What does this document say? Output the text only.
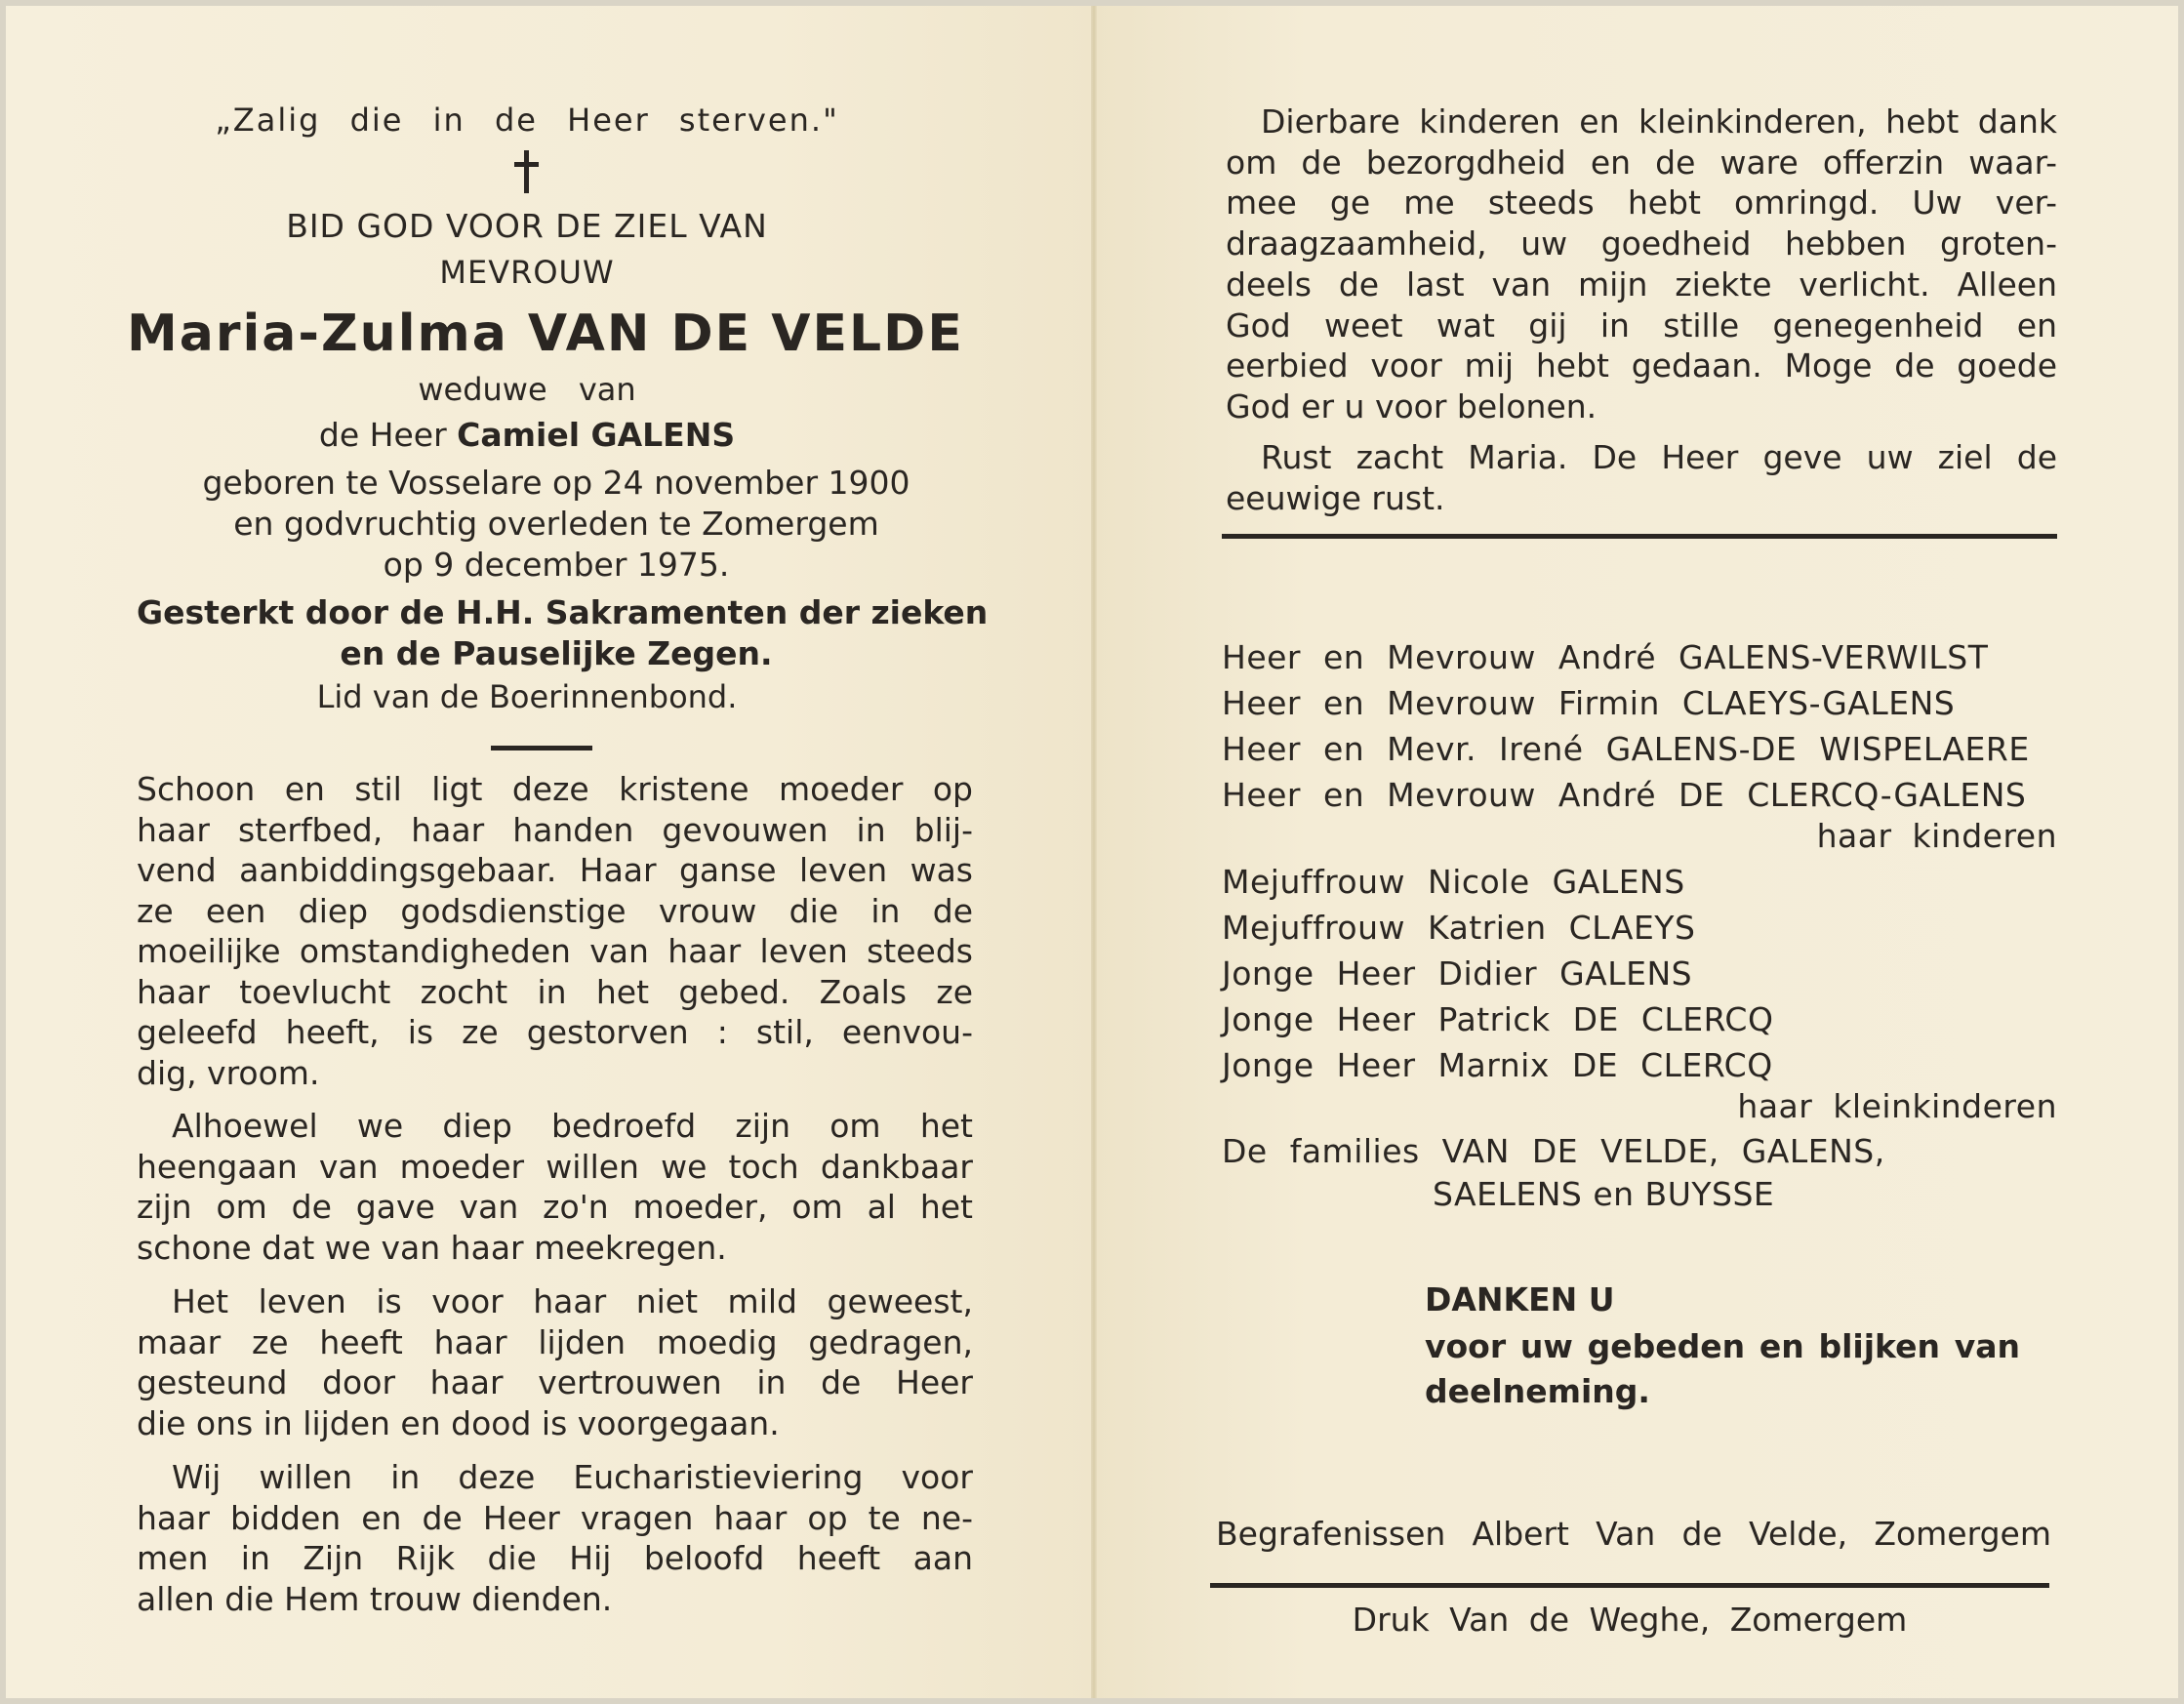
„Zalig die in de Heer sterven."
BID GOD VOOR DE ZIEL VAN
MEVROUW
Maria-Zulma VAN DE VELDE
weduwe van
de Heer Camiel GALENS
geboren te Vosselare op 24 november 1900
en godvruchtig overleden te Zomergem
op 9 december 1975.
Gesterkt door de H.H. Sakramenten der zieken
en de Pauselijke Zegen.
Lid van de Boerinnenbond.
Schoon en stil ligt deze kristene moeder op
haar sterfbed, haar handen gevouwen in blij-
vend aanbiddingsgebaar. Haar ganse leven was
ze een diep godsdienstige vrouw die in de
moeilijke omstandigheden van haar leven steeds
haar toevlucht zocht in het gebed. Zoals ze
geleefd heeft, is ze gestorven : stil, eenvou-
dig, vroom.
Alhoewel we diep bedroefd zijn om het
heengaan van moeder willen we toch dankbaar
zijn om de gave van zo'n moeder, om al het
schone dat we van haar meekregen.
Het leven is voor haar niet mild geweest,
maar ze heeft haar lijden moedig gedragen,
gesteund door haar vertrouwen in de Heer
die ons in lijden en dood is voorgegaan.
Wij willen in deze Eucharistieviering voor
haar bidden en de Heer vragen haar op te ne-
men in Zijn Rijk die Hij beloofd heeft aan
allen die Hem trouw dienden.
Dierbare kinderen en kleinkinderen, hebt dank
om de bezorgdheid en de ware offerzin waar-
mee ge me steeds hebt omringd. Uw ver-
draagzaamheid, uw goedheid hebben groten-
deels de last van mijn ziekte verlicht. Alleen
God weet wat gij in stille genegenheid en
eerbied voor mij hebt gedaan. Moge de goede
God er u voor belonen.
Rust zacht Maria. De Heer geve uw ziel de
eeuwige rust.
Heer en Mevrouw André GALENS-VERWILST
Heer en Mevrouw Firmin CLAEYS-GALENS
Heer en Mevr. Irené GALENS-DE WISPELAERE
Heer en Mevrouw André DE CLERCQ-GALENS
haar kinderen
Mejuffrouw Nicole GALENS
Mejuffrouw Katrien CLAEYS
Jonge Heer Didier GALENS
Jonge Heer Patrick DE CLERCQ
Jonge Heer Marnix DE CLERCQ
haar kleinkinderen
De families VAN DE VELDE, GALENS,
SAELENS en BUYSSE
DANKEN U
voor uw gebeden en blijken van
deelneming.
Begrafenissen Albert Van de Velde, Zomergem
Druk Van de Weghe, Zomergem
